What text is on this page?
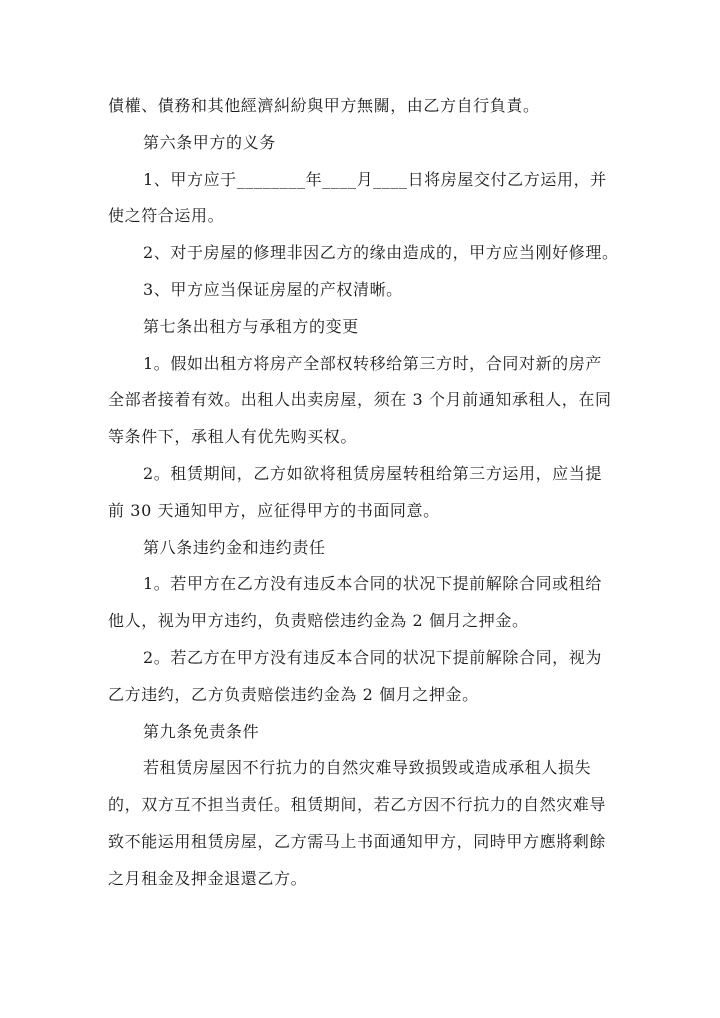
債權、債務和其他經濟糾紛與甲方無關，由乙方自行負責。
第六条甲方的义务
1、甲方应于________年____月____日将房屋交付乙方运用，并
使之符合运用。
2、对于房屋的修理非因乙方的缘由造成的，甲方应当刚好修理。
3、甲方应当保证房屋的产权清晰。
第七条出租方与承租方的变更
1。假如出租方将房产全部权转移给第三方时，合同对新的房产
全部者接着有效。出租人出卖房屋，须在 3 个月前通知承租人，在同
等条件下，承租人有优先购买权。
2。租赁期间，乙方如欲将租赁房屋转租给第三方运用，应当提
前 30 天通知甲方，应征得甲方的书面同意。
第八条违约金和违约责任
1。若甲方在乙方没有违反本合同的状况下提前解除合同或租给
他人，视为甲方违约，负责赔偿违约金為 2 個月之押金。
2。若乙方在甲方没有违反本合同的状况下提前解除合同，视为
乙方违约，乙方负责赔偿违约金為 2 個月之押金。
第九条免责条件
若租赁房屋因不行抗力的自然灾难导致损毁或造成承租人损失
的，双方互不担当责任。租赁期间，若乙方因不行抗力的自然灾难导
致不能运用租赁房屋，乙方需马上书面通知甲方，同時甲方應將剩餘
之月租金及押金退還乙方。
